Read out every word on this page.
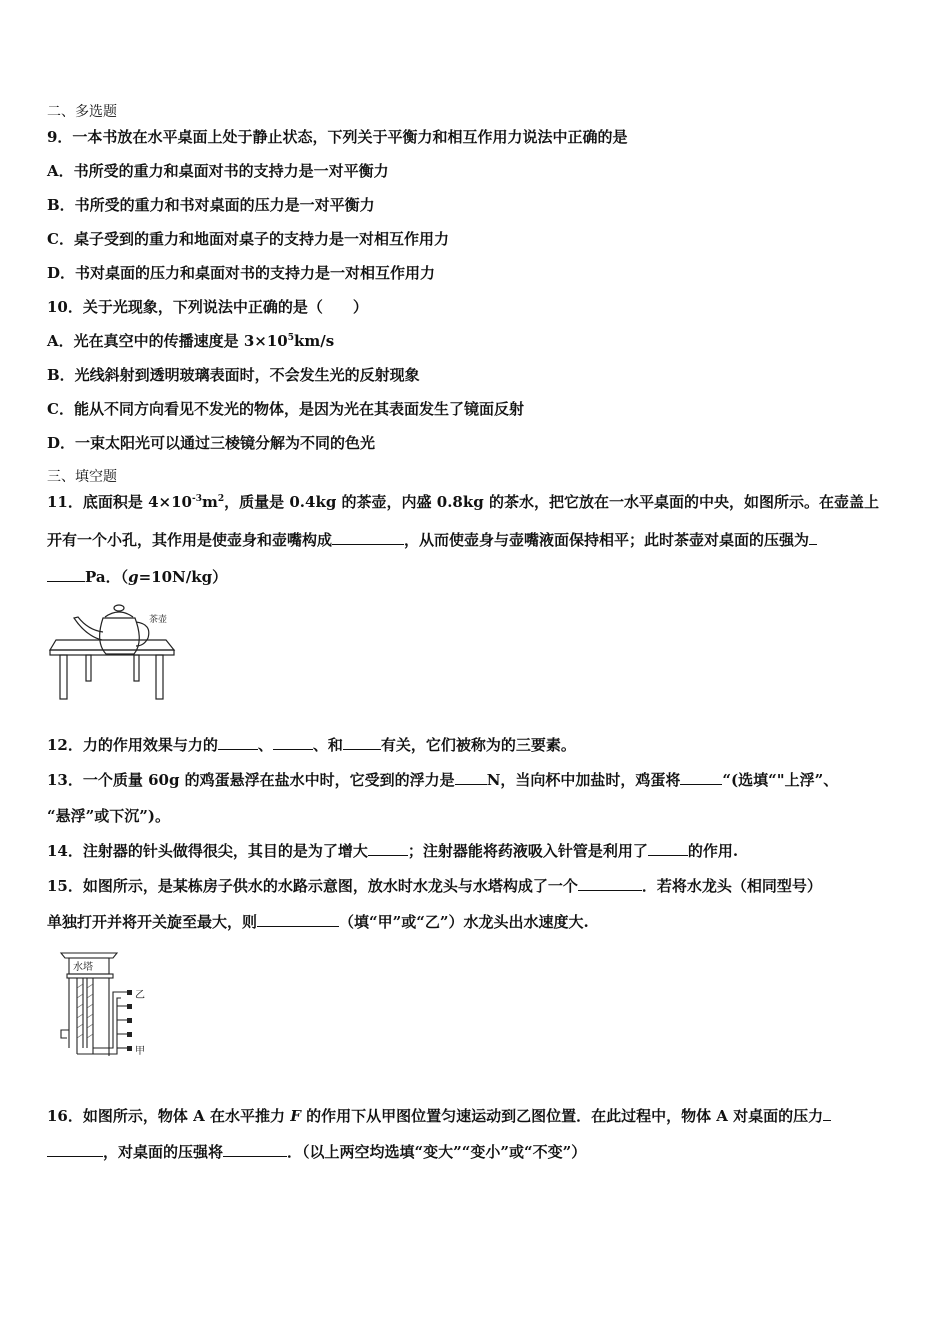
二、多选题
9．一本书放在水平桌面上处于静止状态，下列关于平衡力和相互作用力说法中正确的是
A．书所受的重力和桌面对书的支持力是一对平衡力
B．书所受的重力和书对桌面的压力是一对平衡力
C．桌子受到的重力和地面对桌子的支持力是一对相互作用力
D．书对桌面的压力和桌面对书的支持力是一对相互作用力
10．关于光现象，下列说法中正确的是（　　）
A．光在真空中的传播速度是 $3\times 10^5km/s$
B．光线斜射到透明玻璃表面时，不会发生光的反射现象
C．能从不同方向看见不发光的物体，是因为光在其表面发生了镜面反射
D．一束太阳光可以通过三棱镜分解为不同的色光
三、填空题
11．底面积是 $4\times 10^{-3}m^2$，质量是 0.4kg 的茶壶，内盛 0.8kg 的茶水，把它放在一水平桌面的中央，如图所示。在壶盖上
开有一个小孔，其作用是使壶身和壶嘴构成	，从而使壶身与壶嘴液面保持相平；此时茶壶对桌面的压强为
Pa．（g=10N/kg）
茶壶
12．力的作用效果与力的	、	、和	有关，它们被称为的三要素。
13．一个质量 60g 的鸡蛋悬浮在盐水中时，它受到的浮力是 N，当向杯中加盐时，鸡蛋将	“(选填“"上浮”、
“悬浮”或下沉”)。
14．注射器的针头做得很尖，其目的是为了增大	；注射器能将药液吸入针管是利用了	的作用.
15．如图所示，是某栋房子供水的水路示意图，放水时水龙头与水塔构成了一个	．若将水龙头（相同型号）
单独打开并将开关旋至最大，则	（填“甲”或“乙”）水龙头出水速度大.
水塔
乙
甲
16．如图所示，物体 A 在水平推力 F 的作用下从甲图位置匀速运动到乙图位置．在此过程中，物体 A 对桌面的压力
，对桌面的压强将	．（以上两空均选填“变大”“变小”或“不变”）
